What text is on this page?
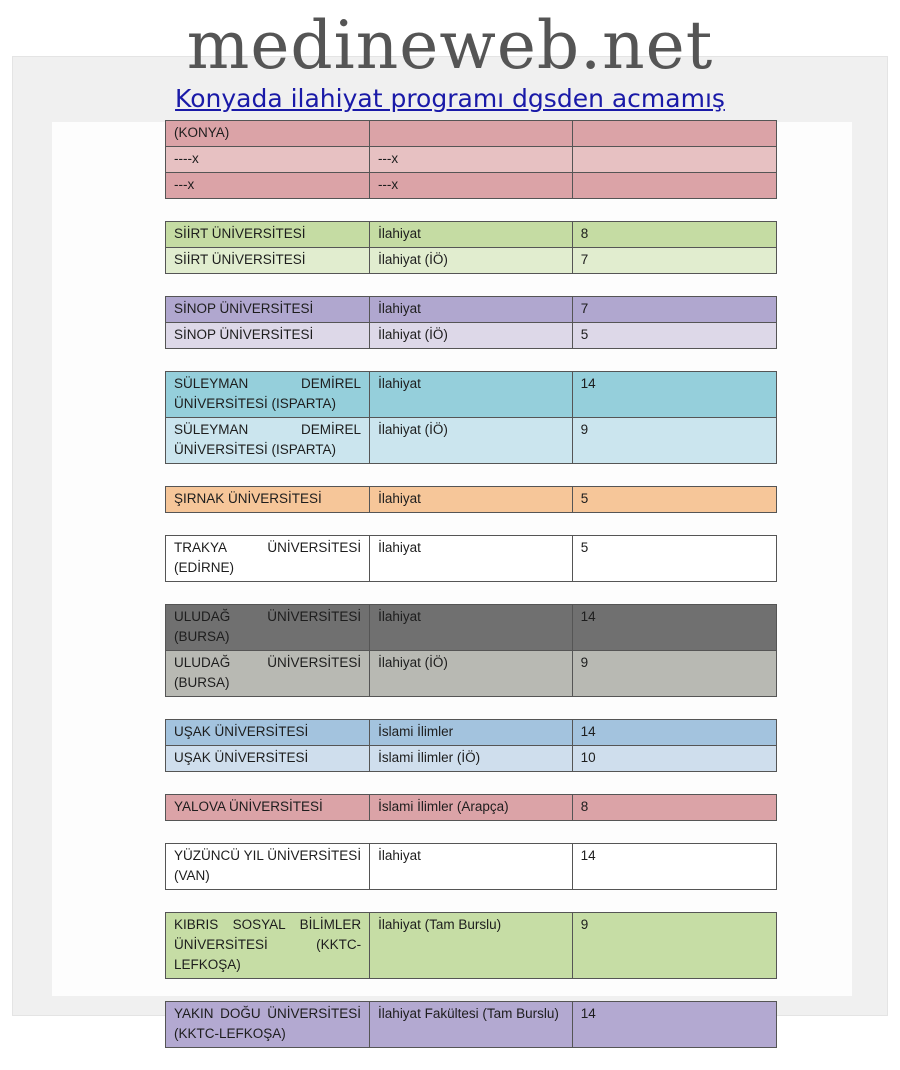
medineweb.net
Konyada ilahiyat programı dgsden acmamış
(KONYA)		
----x	---x	
---x	---x	
SİİRT ÜNİVERSİTESİ	İlahiyat	8
SİİRT ÜNİVERSİTESİ	İlahiyat (İÖ)	7
SİNOP ÜNİVERSİTESİ	İlahiyat	7
SİNOP ÜNİVERSİTESİ	İlahiyat (İÖ)	5
SÜLEYMAN DEMİREL ÜNİVERSİTESİ (ISPARTA)	İlahiyat	14
SÜLEYMAN DEMİREL ÜNİVERSİTESİ (ISPARTA)	İlahiyat (İÖ)	9
ŞIRNAK ÜNİVERSİTESİ	İlahiyat	5
TRAKYA ÜNİVERSİTESİ (EDİRNE)	İlahiyat	5
ULUDAĞ ÜNİVERSİTESİ (BURSA)	İlahiyat	14
ULUDAĞ ÜNİVERSİTESİ (BURSA)	İlahiyat (İÖ)	9
UŞAK ÜNİVERSİTESİ	İslami İlimler	14
UŞAK ÜNİVERSİTESİ	İslami İlimler (İÖ)	10
YALOVA ÜNİVERSİTESİ	İslami İlimler (Arapça)	8
YÜZÜNCÜ YIL ÜNİVERSİTESİ (VAN)	İlahiyat	14
KIBRIS SOSYAL BİLİMLER ÜNİVERSİTESİ (KKTC-LEFKOŞA)	İlahiyat (Tam Burslu)	9
YAKIN DOĞU ÜNİVERSİTESİ (KKTC-LEFKOŞA)	İlahiyat Fakültesi (Tam Burslu)	14
